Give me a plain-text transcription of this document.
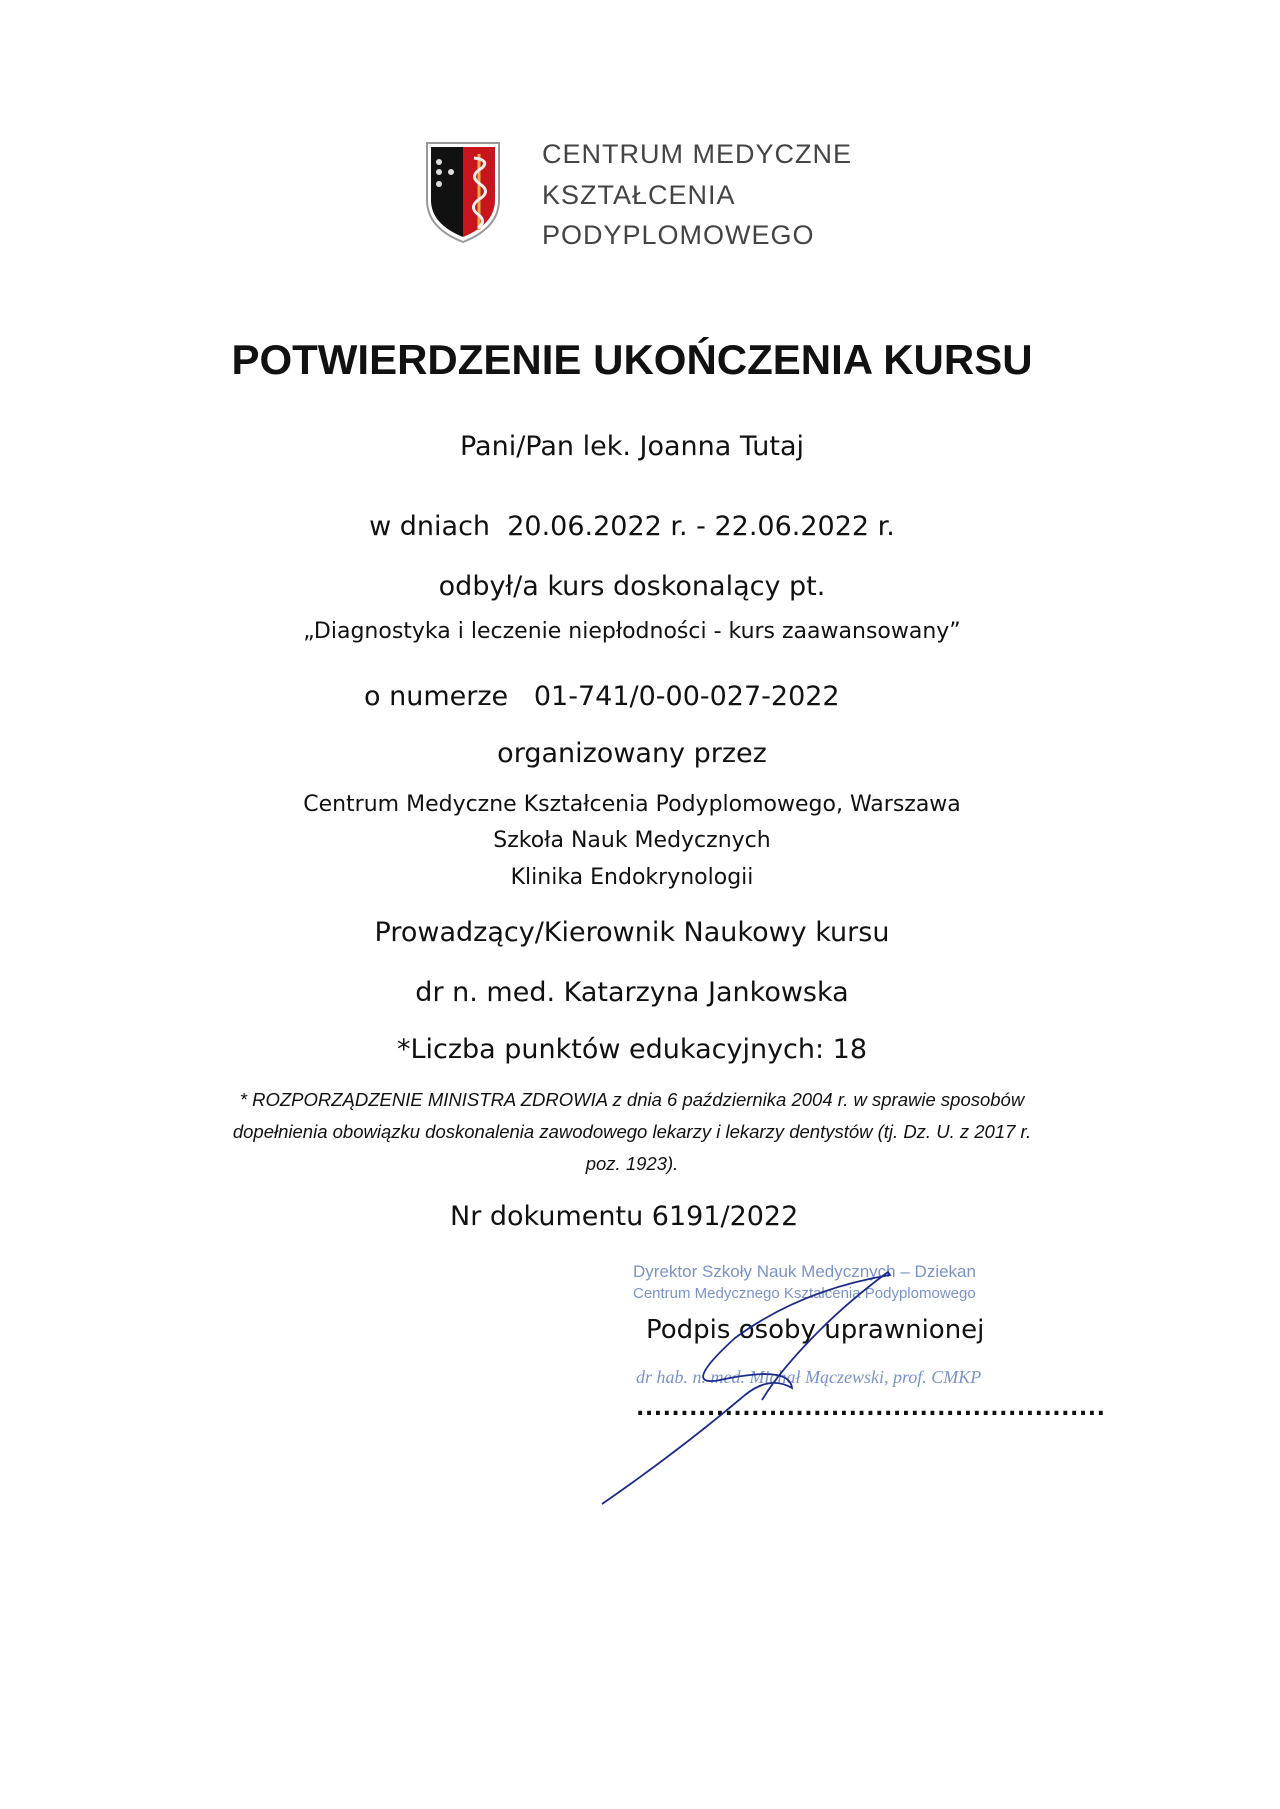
CENTRUM MEDYCZNE
KSZTAŁCENIA
PODYPLOMOWEGO
POTWIERDZENIE UKOŃCZENIA KURSU
Pani/Pan lek. Joanna Tutaj
w dniach  20.06.2022 r. - 22.06.2022 r.
odbył/a kurs doskonalący pt.
„Diagnostyka i leczenie niepłodności - kurs zaawansowany”
o numerze   01-741/0-00-027-2022
organizowany przez
Centrum Medyczne Kształcenia Podyplomowego, Warszawa
Szkoła Nauk Medycznych
Klinika Endokrynologii
Prowadzący/Kierownik Naukowy kursu
dr n. med. Katarzyna Jankowska
*Liczba punktów edukacyjnych: 18
* ROZPORZĄDZENIE MINISTRA ZDROWIA z dnia 6 października 2004 r. w sprawie sposobów
dopełnienia obowiązku doskonalenia zawodowego lekarzy i lekarzy dentystów (tj. Dz. U. z 2017 r.
poz. 1923).
Nr dokumentu 6191/2022
Dyrektor Szkoły Nauk Medycznych – Dziekan
Centrum Medycznego Kształcenia Podyplomowego
dr hab. n. med. Michał Mączewski, prof. CMKP
Podpis osoby uprawnionej
.....................................................
